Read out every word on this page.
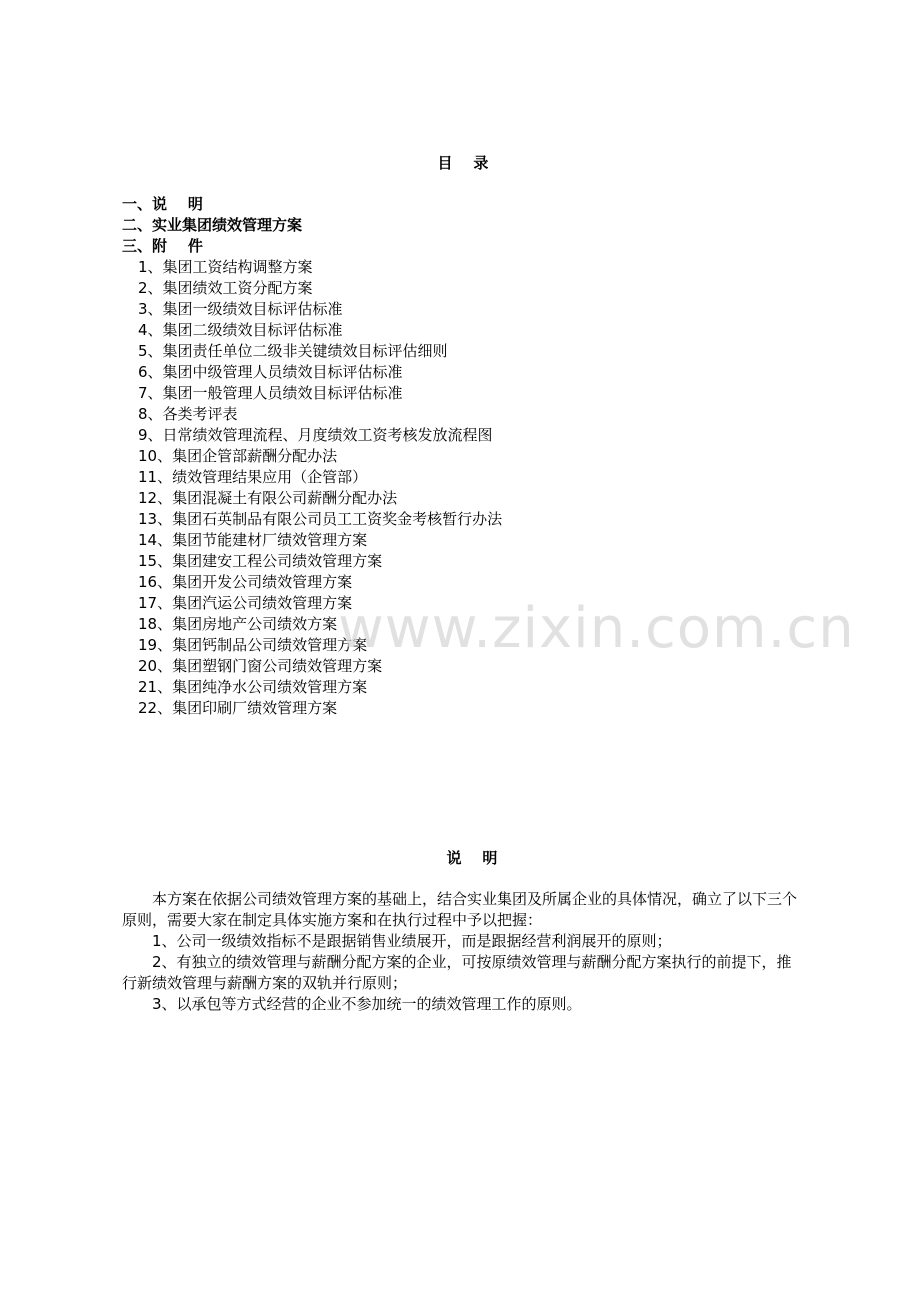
目    录
一、说    明
二、实业集团绩效管理方案
三、附    件
1、集团工资结构调整方案
2、集团绩效工资分配方案
3、集团一级绩效目标评估标准
4、集团二级绩效目标评估标准
5、集团责任单位二级非关键绩效目标评估细则
6、集团中级管理人员绩效目标评估标准
7、集团一般管理人员绩效目标评估标准
8、各类考评表
9、日常绩效管理流程、月度绩效工资考核发放流程图
10、集团企管部薪酬分配办法
11、绩效管理结果应用（企管部）
12、集团混凝土有限公司薪酬分配办法
13、集团石英制品有限公司员工工资奖金考核暂行办法
14、集团节能建材厂绩效管理方案
15、集团建安工程公司绩效管理方案
16、集团开发公司绩效管理方案
17、集团汽运公司绩效管理方案
18、集团房地产公司绩效方案
19、集团钙制品公司绩效管理方案
20、集团塑钢门窗公司绩效管理方案
21、集团纯净水公司绩效管理方案
22、集团印刷厂绩效管理方案
www.zixin.com.cn
说    明

本方案在依据公司绩效管理方案的基础上，结合实业集团及所属企业的具体情况，确立了以下三个原则，需要大家在制定具体实施方案和在执行过程中予以把握：

1、公司一级绩效指标不是跟据销售业绩展开，而是跟据经营利润展开的原则；

2、有独立的绩效管理与薪酬分配方案的企业，可按原绩效管理与薪酬分配方案执行的前提下，推行新绩效管理与薪酬方案的双轨并行原则；

3、以承包等方式经营的企业不参加统一的绩效管理工作的原则。
